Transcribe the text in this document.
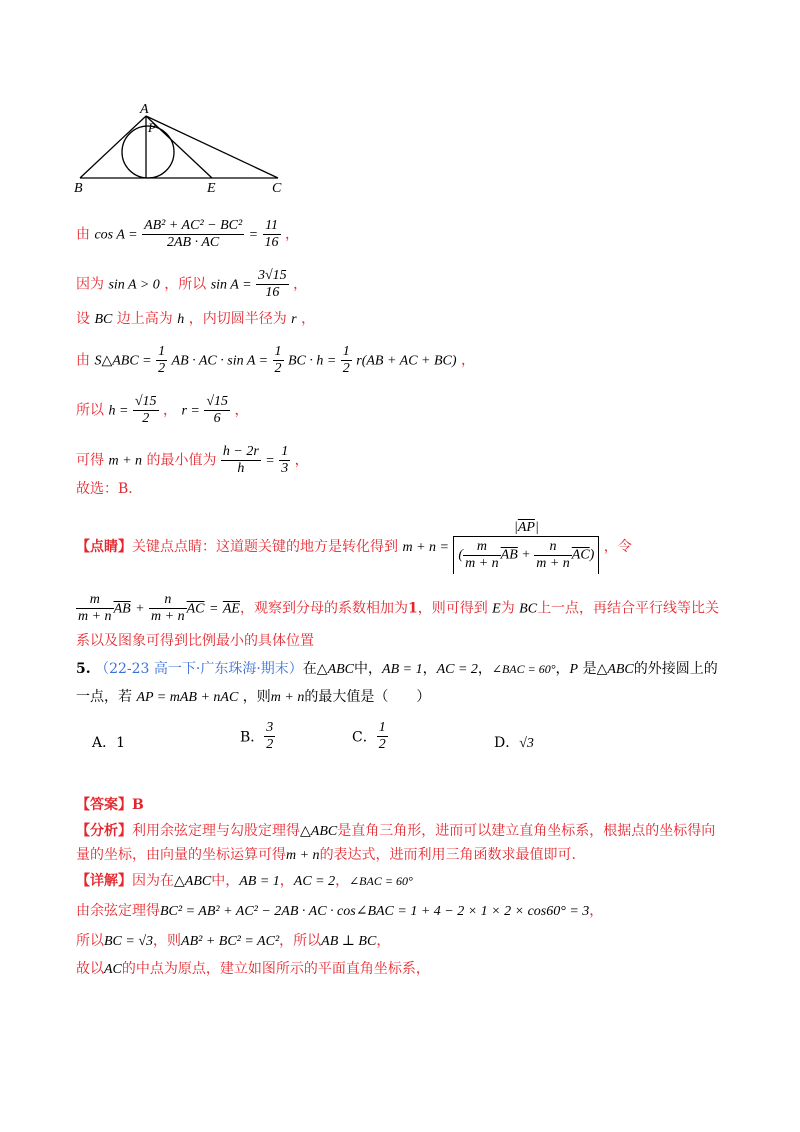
A
P
B	E	C
由 $\cos A = \frac{\text{AB² + AC² − BC²}}{2AB \cdot AC} = \frac{11}{16}$ ，
因为 sin A > 0 ，所以 $\sin A = \frac{3√15}{16}$ ，
设 BC 边上高为 h ，内切圆半径为 r ，
由 S△ABC = $\frac{1}{2}$ AB · AC · $\sin A = \frac{1}{2}$ BC · $h = \frac{1}{2} r(AB$ + AC + BC) ，
所以 $h = \frac{√15}{2}$ ， $r = \frac{√15}{6}$ ，
可得 m + n 的最小值为 $\frac{h - 2r}{h} = \frac{1}{3}$ ，
故选：B.
【点睛】关键点点睛：这道题关键的地方是转化得到 $m + n = \frac{|\overline{AP}|}{( \frac{m}{m + n} \overline{AB} + \frac{n}{m + n} \overline{AC})}$ ，令
$\frac{m}{m + n} \overline{AB} + \frac{n}{m + n} \overline{AC} = \overline{AE}$，观察到分母的系数相加为1，则可得到 E为 BC上一点，再结合平行线等比关
系以及图象可得到比例最小的具体位置
5. （22-23 高一下·广东珠海·期末）在△ABC中，AB = 1，AC = 2，∠BAC = 60°，P 是△ABC的外接圆上的
一点，若 AP = mAB + nAC ，则m + n的最大值是（　　）
A．1	B． $\frac{3}{2}$	C． $\frac{1}{2}$	D．√3
【答案】B
【分析】利用余弦定理与勾股定理得△ABC是直角三角形，进而可以建立直角坐标系，根据点的坐标得向
量的坐标，由向量的坐标运算可得m + n的表达式，进而利用三角函数求最值即可.
【详解】因为在△ABC中，AB = 1，AC = 2，∠BAC = 60°
由余弦定理得BC² = AB² + AC² − 2AB · AC · cos∠BAC = 1 + 4 − 2 × 1 × 2 × cos60° = 3，
所以BC = √3，则AB² + BC² = AC²，所以AB ⊥ BC，
故以AC的中点为原点，建立如图所示的平面直角坐标系，
